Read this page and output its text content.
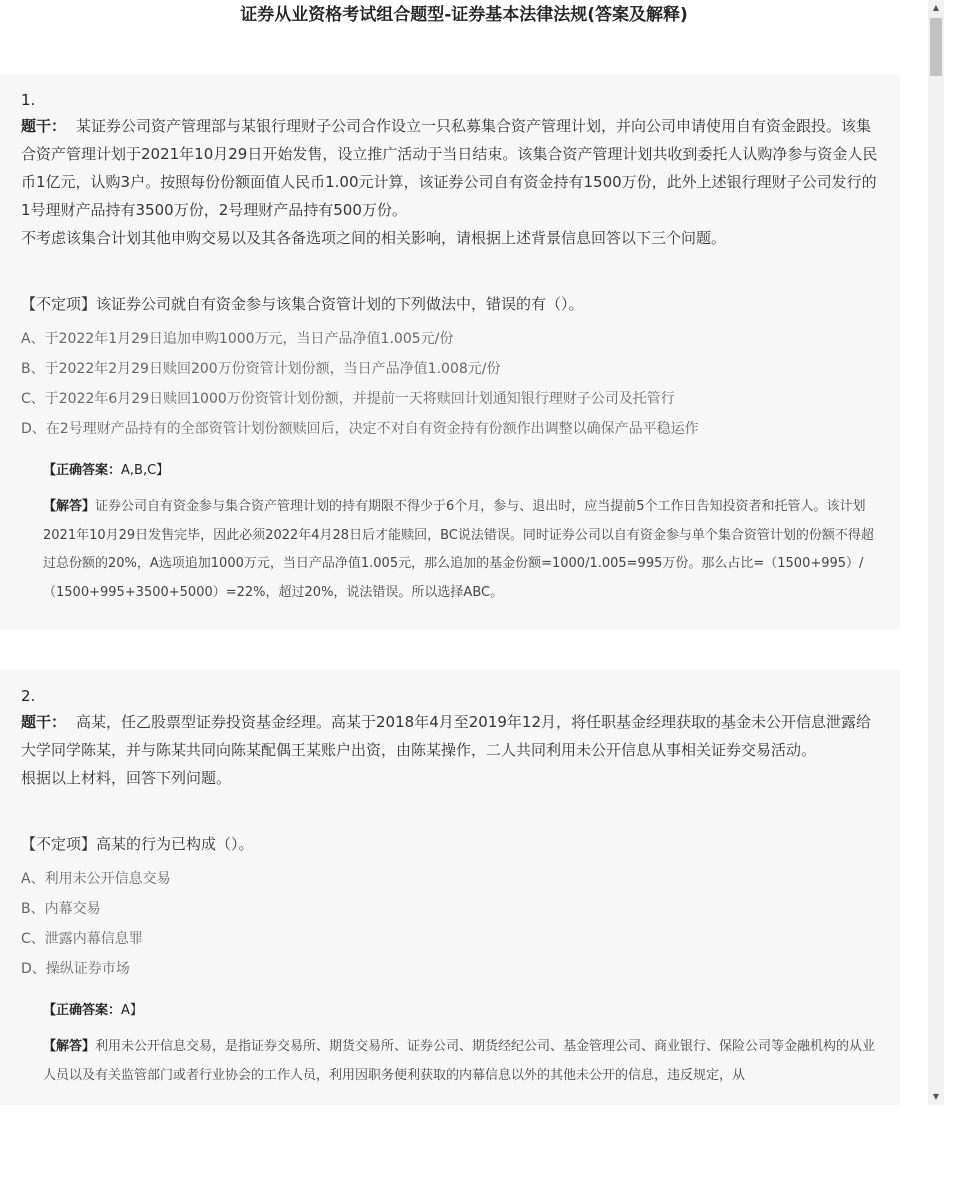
证券从业资格考试组合题型-证券基本法律法规(答案及解释)
1.
题干： 某证券公司资产管理部与某银行理财子公司合作设立一只私募集合资产管理计划，并向公司申请使用自有资金跟投。该集合资产管理计划于2021年10月29日开始发售，设立推广活动于当日结束。该集合资产管理计划共收到委托人认购净参与资金人民币1亿元，认购3户。按照每份份额面值人民币1.00元计算，该证券公司自有资金持有1500万份，此外上述银行理财子公司发行的1号理财产品持有3500万份，2号理财产品持有500万份。
不考虑该集合计划其他申购交易以及其各备选项之间的相关影响，请根据上述背景信息回答以下三个问题。
【不定项】该证券公司就自有资金参与该集合资管计划的下列做法中，错误的有（）。
A、于2022年1月29日追加申购1000万元，当日产品净值1.005元/份
B、于2022年2月29日赎回200万份资管计划份额，当日产品净值1.008元/份
C、于2022年6月29日赎回1000万份资管计划份额，并提前一天将赎回计划通知银行理财子公司及托管行
D、在2号理财产品持有的全部资管计划份额赎回后，决定不对自有资金持有份额作出调整以确保产品平稳运作
【正确答案：A,B,C】
【解答】证券公司自有资金参与集合资产管理计划的持有期限不得少于6个月，参与、退出时，应当提前5个工作日告知投资者和托管人。该计划2021年10月29日发售完毕，因此必须2022年4月28日后才能赎回，BC说法错误。同时证券公司以自有资金参与单个集合资管计划的份额不得超过总份额的20%，A选项追加1000万元，当日产品净值1.005元，那么追加的基金份额=1000/1.005=995万份。那么占比=（1500+995）/（1500+995+3500+5000）=22%，超过20%，说法错误。所以选择ABC。
2.
题干： 高某，任乙股票型证券投资基金经理。高某于2018年4月至2019年12月，将任职基金经理获取的基金未公开信息泄露给大学同学陈某，并与陈某共同向陈某配偶王某账户出资，由陈某操作，二人共同利用未公开信息从事相关证券交易活动。
根据以上材料，回答下列问题。
【不定项】高某的行为已构成（）。
A、利用未公开信息交易
B、内幕交易
C、泄露内幕信息罪
D、操纵证券市场
【正确答案：A】
【解答】利用未公开信息交易，是指证券交易所、期货交易所、证券公司、期货经纪公司、基金管理公司、商业银行、保险公司等金融机构的从业人员以及有关监管部门或者行业协会的工作人员，利用因职务便利获取的内幕信息以外的其他未公开的信息，违反规定，从
▲
▼
